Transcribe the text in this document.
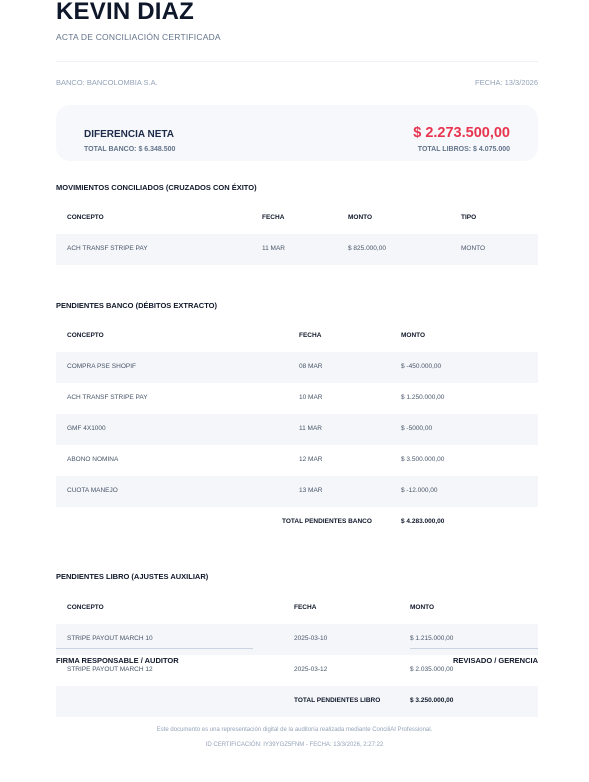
KEVIN DIAZ
ACTA DE CONCILIACIÓN CERTIFICADA
BANCO: BANCOLOMBIA S.A.	FECHA: 13/3/2026
DIFERENCIA NETA
TOTAL BANCO: $ 6.348.500
$ 2.273.500,00
TOTAL LIBROS: $ 4.075.000
MOVIMIENTOS CONCILIADOS (CRUZADOS CON ÉXITO)
CONCEPTO	FECHA	MONTO	TIPO
ACH TRANSF STRIPE PAY	11 MAR	$ 825.000,00	MONTO
PENDIENTES BANCO (DÉBITOS EXTRACTO)
CONCEPTO	FECHA	MONTO
COMPRA PSE SHOPIF	08 MAR	$ -450.000,00
ACH TRANSF STRIPE PAY	10 MAR	$ 1.250.000,00
GMF 4X1000	11 MAR	$ -5000,00
ABONO NOMINA	12 MAR	$ 3.500.000,00
CUOTA MANEJO	13 MAR	$ -12.000,00
TOTAL PENDIENTES BANCO	$ 4.283.000,00
PENDIENTES LIBRO (AJUSTES AUXILIAR)
CONCEPTO	FECHA	MONTO
STRIPE PAYOUT MARCH 10	2025-03-10	$ 1.215.000,00
STRIPE PAYOUT MARCH 12	2025-03-12	$ 2.035.000,00
TOTAL PENDIENTES LIBRO	$ 3.250.000,00
FIRMA RESPONSABLE / AUDITOR	REVISADO / GERENCIA
Este documento es una representación digital de la auditoría realizada mediante ConciliAI Professional.
ID CERTIFICACIÓN: IY39YGZ5FNM - FECHA: 13/3/2026, 2:27:22
